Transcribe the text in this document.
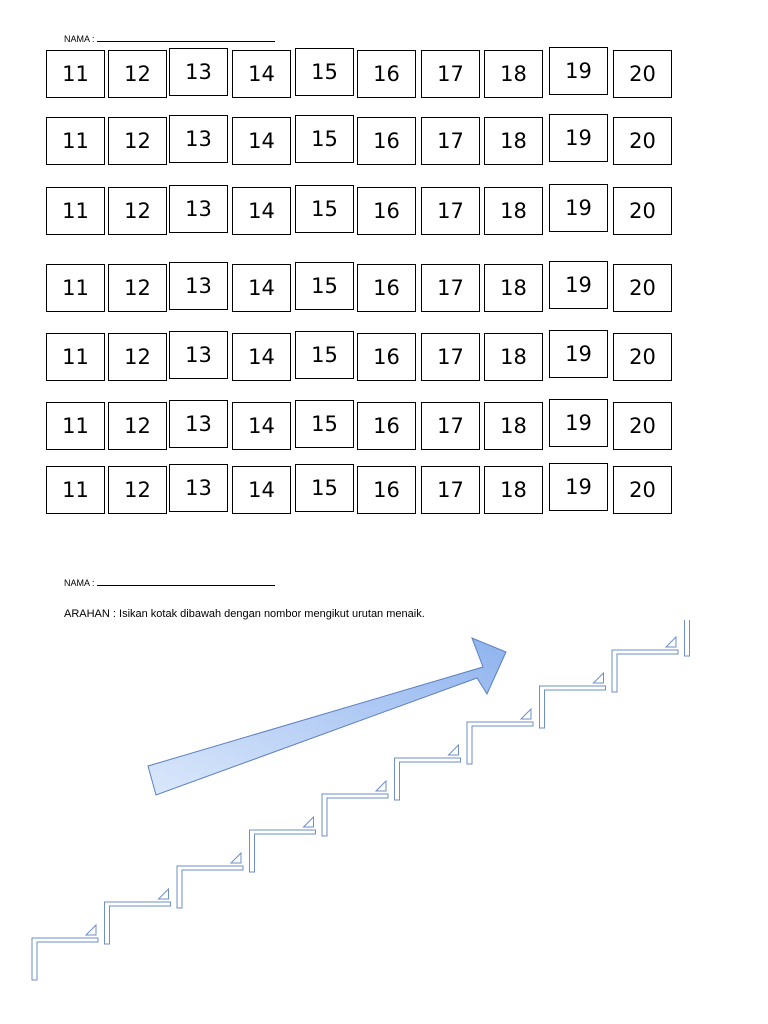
NAMA :
11	12	13	14	15	16	17	18	19	20
11	12	13	14	15	16	17	18	19	20
11	12	13	14	15	16	17	18	19	20
11	12	13	14	15	16	17	18	19	20
11	12	13	14	15	16	17	18	19	20
11	12	13	14	15	16	17	18	19	20
11	12	13	14	15	16	17	18	19	20
NAMA :
ARAHAN : Isikan kotak dibawah dengan nombor mengikut urutan menaik.
